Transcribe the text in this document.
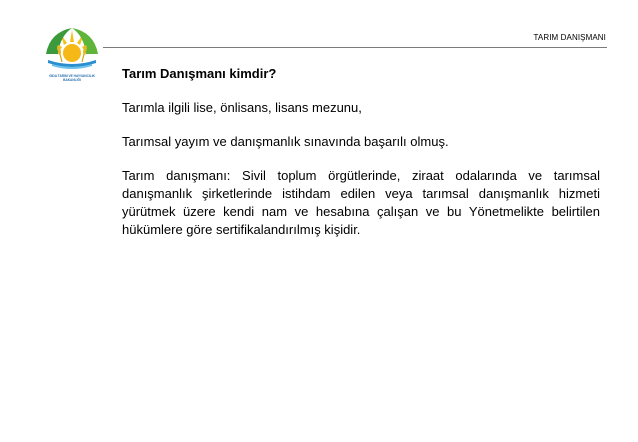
GIDA TARIM VE HAYVANCILIK
BAKANLIĞI
TARIM DANIŞMANI

Tarım Danışmanı kimdir?

Tarımla ilgili lise, önlisans, lisans mezunu,

Tarımsal yayım ve danışmanlık sınavında başarılı olmuş.

Tarım danışmanı: Sivil toplum örgütlerinde, ziraat odalarında ve tarımsal danışmanlık şirketlerinde istihdam edilen veya tarımsal danışmanlık hizmeti yürütmek üzere kendi nam ve hesabına çalışan ve bu Yönetmelikte belirtilen hükümlere göre sertifikalandırılmış kişidir.
